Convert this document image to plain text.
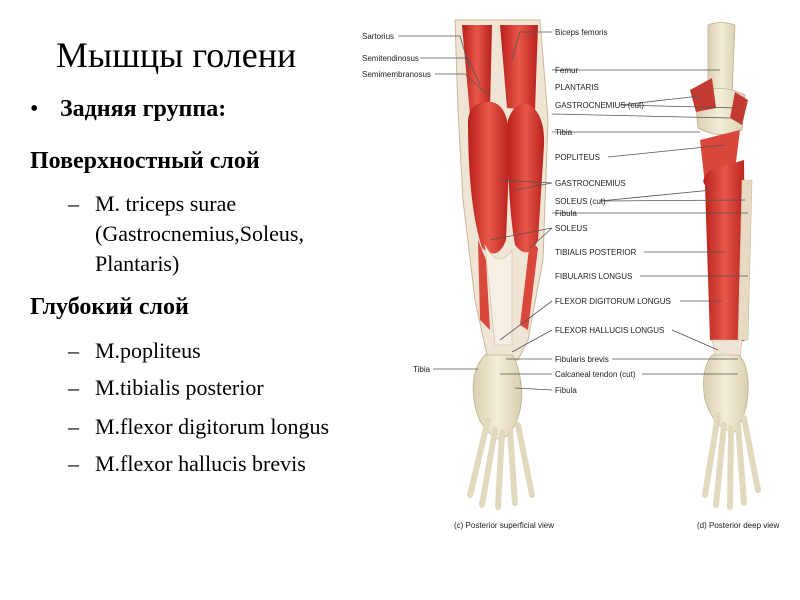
Мышцы голени
• Задняя группа:
Поверхностный слой
– M. triceps surae
(Gastrocnemius,Soleus,
Plantaris)
Глубокий слой
– M.popliteus
– M.tibialis posterior
– M.flexor digitorum longus
– M.flexor hallucis brevis
Sartorius
Semitendinosus
Semimembranosus
Tibia
Biceps femoris
Femur
GASTROCNEMIUS (cut)
PLANTARIS
Tibia
POPLITEUS
GASTROCNEMIUS
SOLEUS (cut)
Fibula
SOLEUS
TIBIALIS POSTERIOR
FIBULARIS LONGUS
FLEXOR DIGITORUM LONGUS
FLEXOR HALLUCIS LONGUS
Fibularis brevis
Calcaneal tendon (cut)
Fibula
(c) Posterior superficial view	(d) Posterior deep view
